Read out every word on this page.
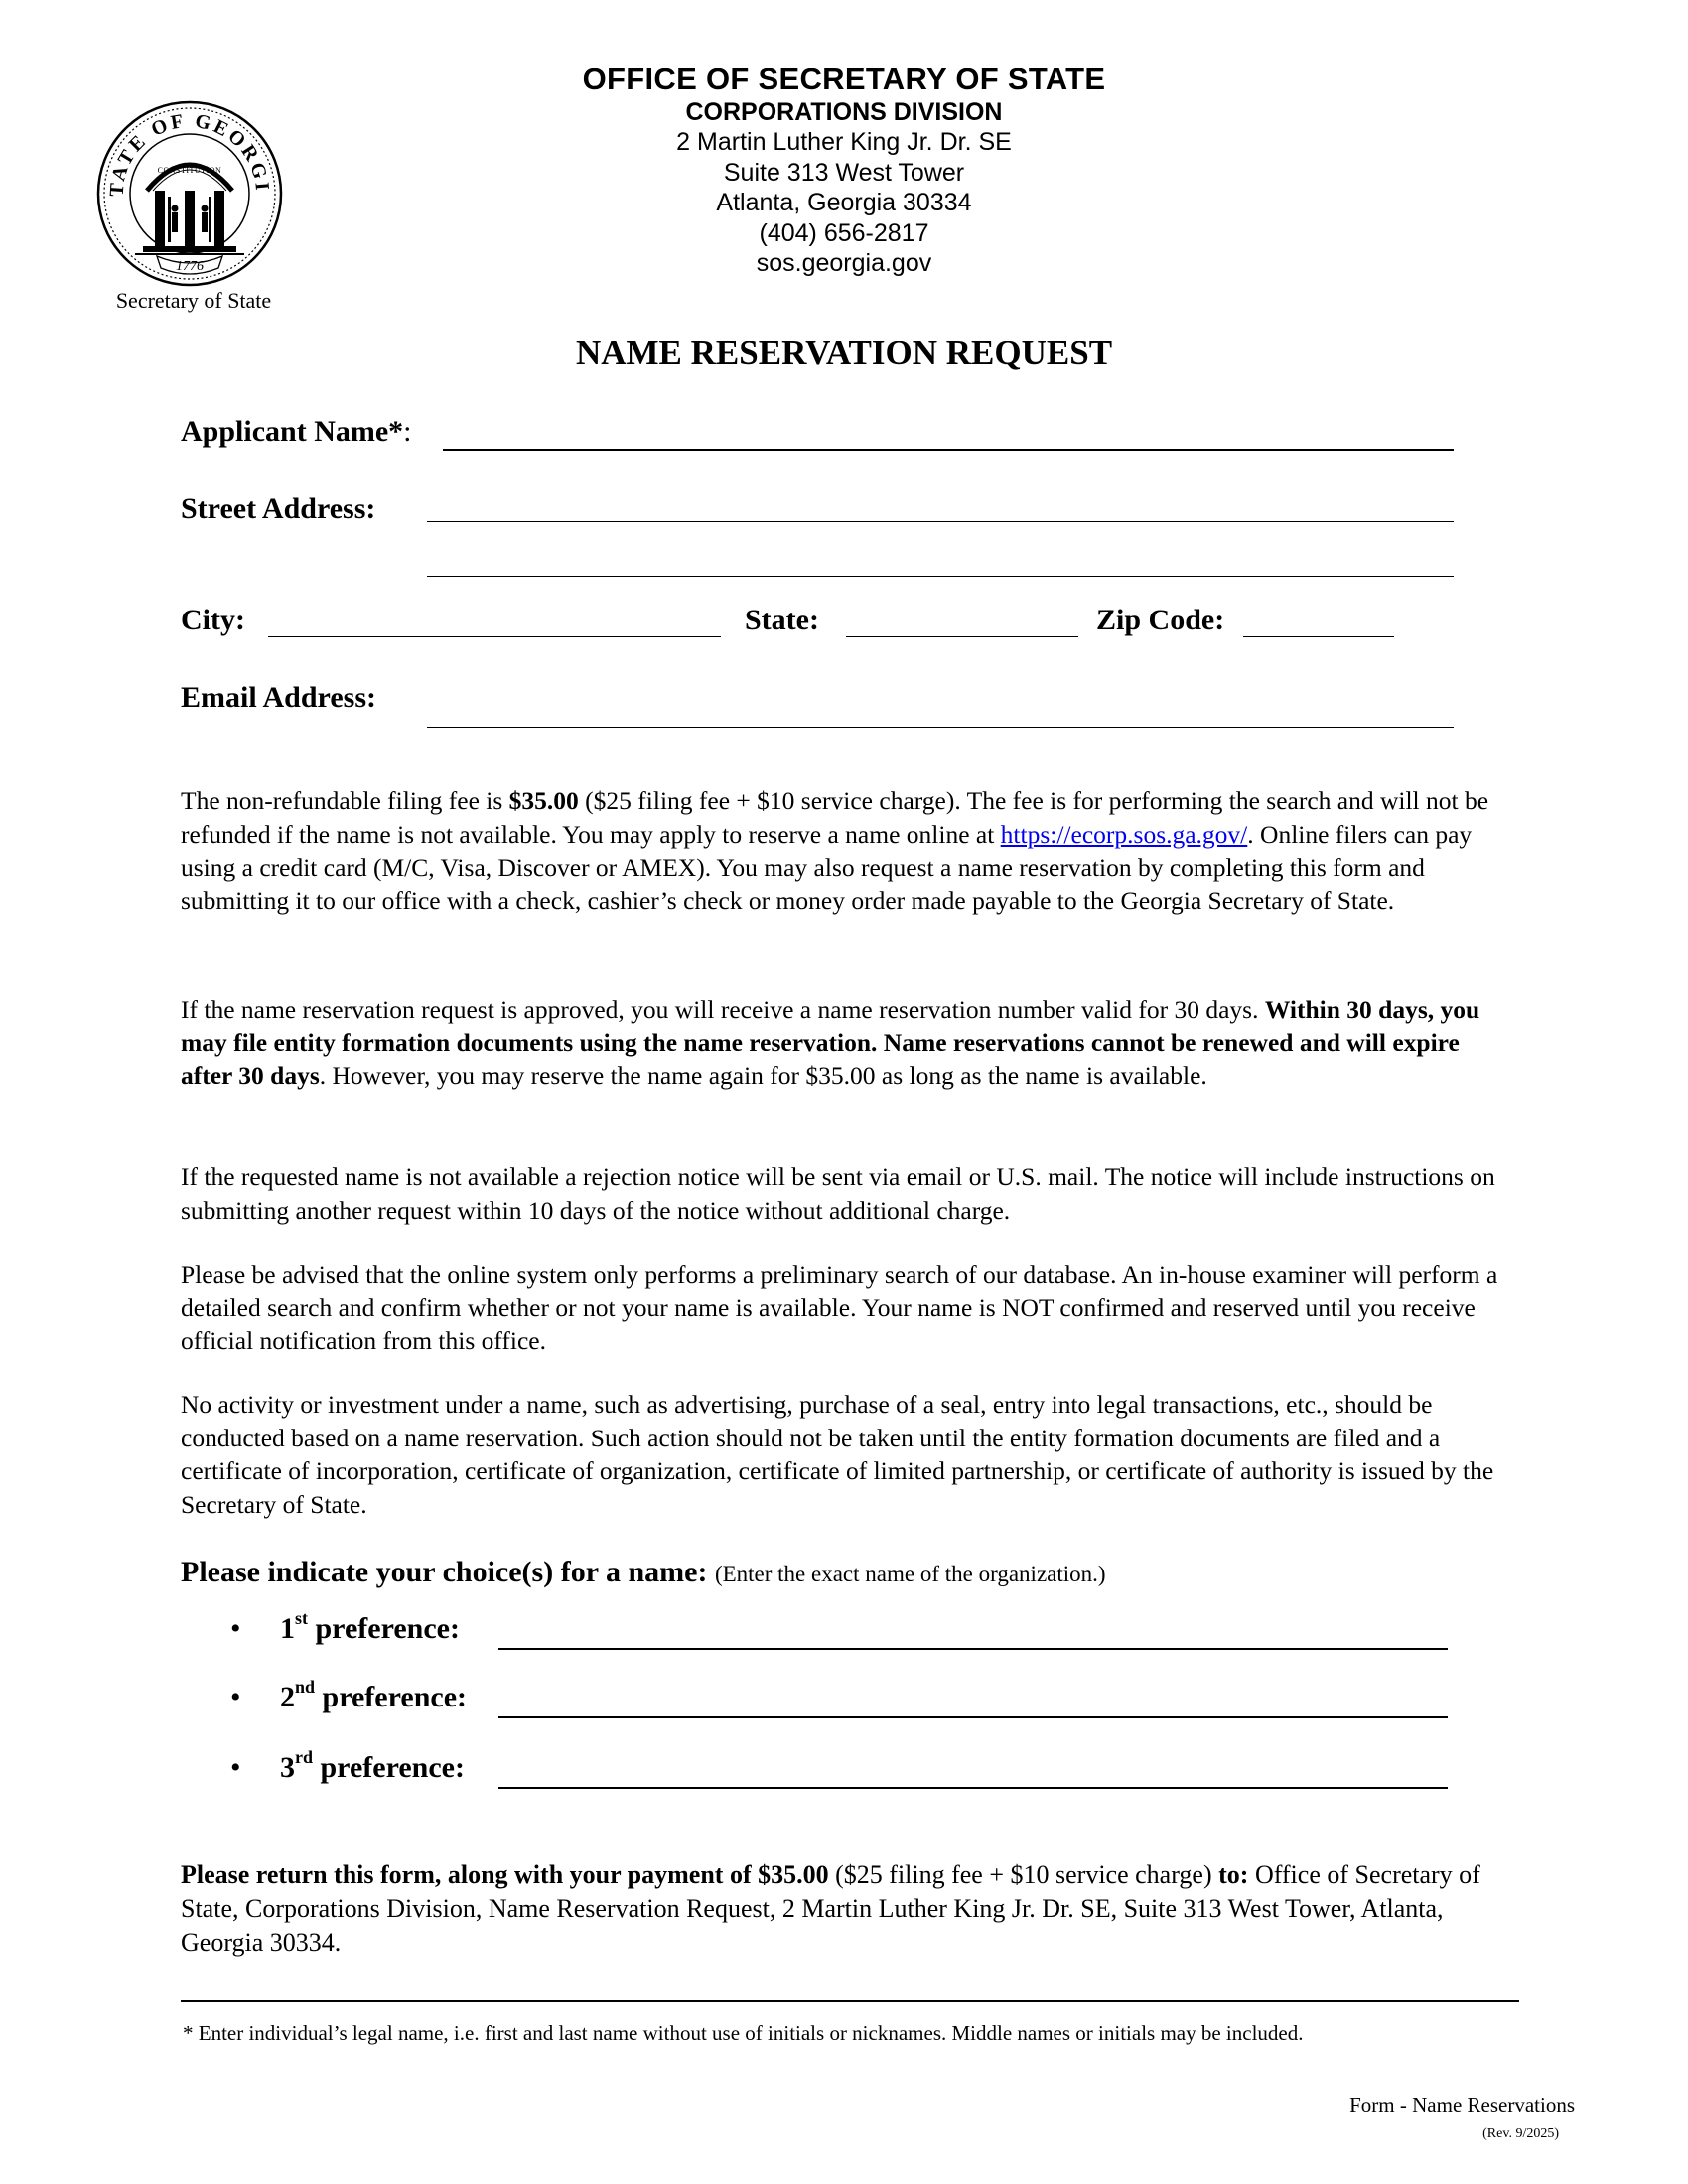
TATE OF GEORGI
CONSTITUTION
1776
Secretary of State
OFFICE OF SECRETARY OF STATE
CORPORATIONS DIVISION
2 Martin Luther King Jr. Dr. SE
Suite 313 West Tower
Atlanta, Georgia 30334
(404) 656-2817
sos.georgia.gov
NAME RESERVATION REQUEST
Applicant Name*:
Street Address:
City:	State:	Zip Code:
Email Address:
The non-refundable filing fee is $35.00 ($25 filing fee + $10 service charge). The fee is for performing the search and will not be refunded if the name is not available. You may apply to reserve a name online at https://ecorp.sos.ga.gov/. Online filers can pay using a credit card (M/C, Visa, Discover or AMEX). You may also request a name reservation by completing this form and submitting it to our office with a check, cashier’s check or money order made payable to the Georgia Secretary of State.
If the name reservation request is approved, you will receive a name reservation number valid for 30 days. Within 30 days, you may file entity formation documents using the name reservation. Name reservations cannot be renewed and will expire after 30 days. However, you may reserve the name again for $35.00 as long as the name is available.
If the requested name is not available a rejection notice will be sent via email or U.S. mail. The notice will include instructions on submitting another request within 10 days of the notice without additional charge.
Please be advised that the online system only performs a preliminary search of our database. An in-house examiner will perform a detailed search and confirm whether or not your name is available. Your name is NOT confirmed and reserved until you receive official notification from this office.
No activity or investment under a name, such as advertising, purchase of a seal, entry into legal transactions, etc., should be conducted based on a name reservation. Such action should not be taken until the entity formation documents are filed and a certificate of incorporation, certificate of organization, certificate of limited partnership, or certificate of authority is issued by the Secretary of State.
Please indicate your choice(s) for a name: (Enter the exact name of the organization.)
• 1st preference:
• 2nd preference:
• 3rd preference:
Please return this form, along with your payment of $35.00 ($25 filing fee + $10 service charge) to: Office of Secretary of State, Corporations Division, Name Reservation Request, 2 Martin Luther King Jr. Dr. SE, Suite 313 West Tower, Atlanta, Georgia 30334.
* Enter individual’s legal name, i.e. first and last name without use of initials or nicknames. Middle names or initials may be included.
Form - Name Reservations
(Rev. 9/2025)
